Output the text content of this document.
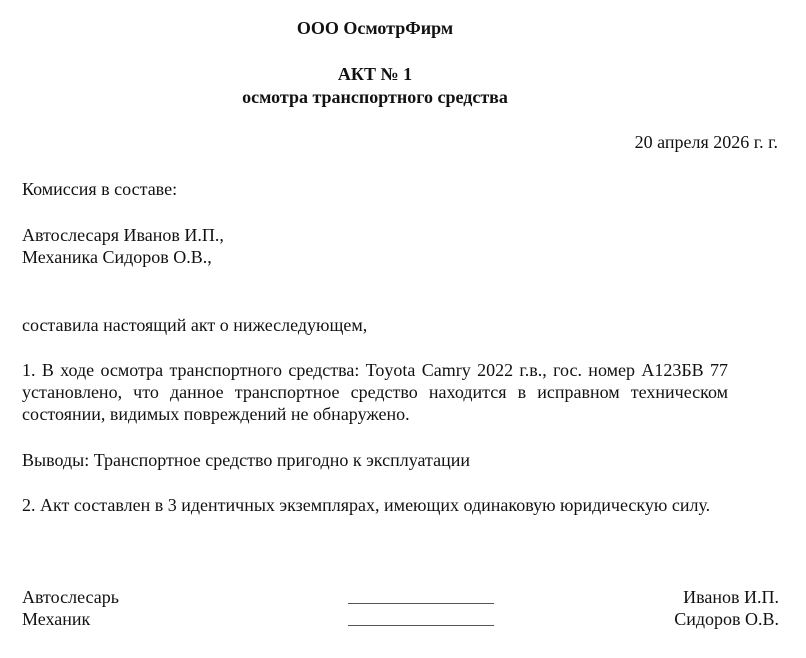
ООО ОсмотрФирм
АКТ № 1
осмотра транспортного средства
20 апреля 2026 г. г.
Комиссия в составе:
Автослесаря Иванов И.П.,
Механика Сидоров О.В.,
составила настоящий акт о нижеследующем,
1. В ходе осмотра транспортного средства: Toyota Camry 2022 г.в., гос. номер А123БВ 77 установлено, что данное транспортное средство находится в исправном техническом состоянии, видимых повреждений не обнаружено.
Выводы: Транспортное средство пригодно к эксплуатации
2. Акт составлен в 3 идентичных экземплярах, имеющих одинаковую юридическую силу.
Автослесарь	Иванов И.П.
Механик	Сидоров О.В.
